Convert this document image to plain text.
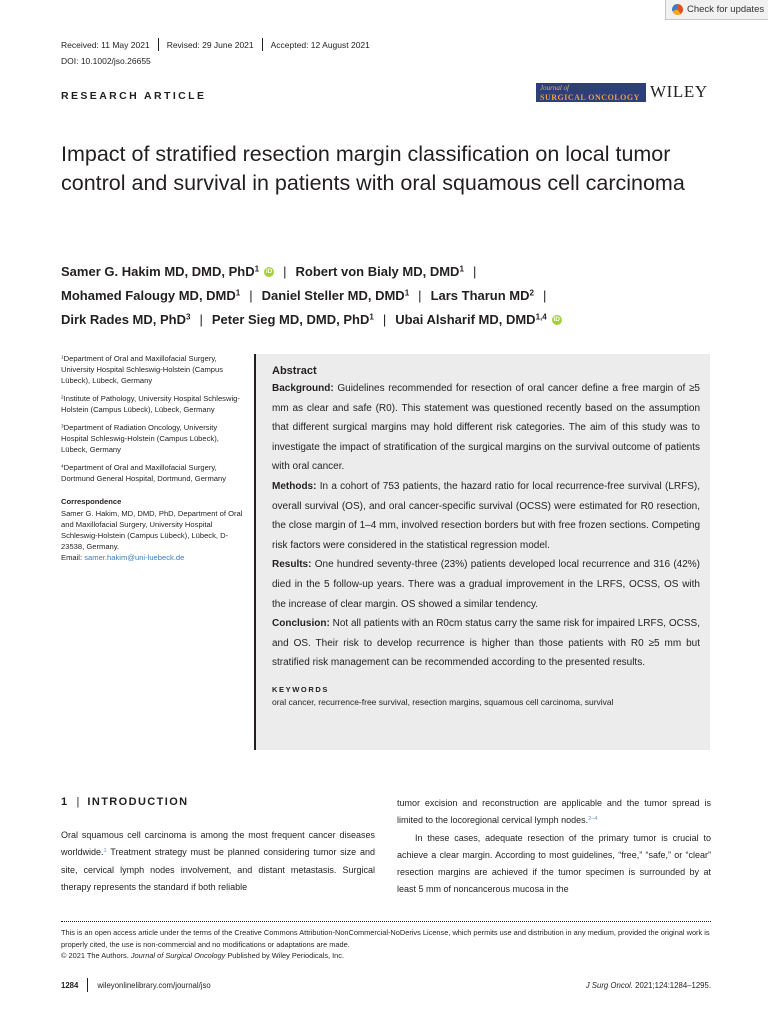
Check for updates
Received: 11 May 2021 Revised: 29 June 2021 Accepted: 12 August 2021
DOI: 10.1002/jso.26655
RESEARCH ARTICLE
Journal of
SURGICAL ONCOLOGY WILEY
Impact of stratified resection margin classification on local tumor control and survival in patients with oral squamous cell carcinoma
Samer G. Hakim MD, DMD, PhD$^1$iD | Robert von Bialy MD, DMD$^1$ |
Mohamed Falougy MD, DMD$^1$ | Daniel Steller MD, DMD$^1$ | Lars Tharun $MD^2$ |
Dirk Rades MD, PhD$^3$ | Peter Sieg MD, DMD, PhD$^1$ | Ubai Alsharif MD, DMD$^{1,4}$iD

$^1$Department of Oral and Maxillofacial Surgery, University Hospital Schleswig-Holstein (Campus Lübeck), Lübeck, Germany

$^2$Institute of Pathology, University Hospital Schleswig-Holstein (Campus Lübeck), Lübeck, Germany

$^3$Department of Radiation Oncology, University Hospital Schleswig-Holstein (Campus Lübeck), Lübeck, Germany

$^4$Department of Oral and Maxillofacial Surgery, Dortmund General Hospital, Dortmund, Germany

Correspondence
Samer G. Hakim, MD, DMD, PhD, Department of Oral and Maxillofacial Surgery, University Hospital Schleswig-Holstein (Campus Lübeck), Lübeck, D-23538, Germany.
Email: samer.hakim@uni-luebeck.de
Abstract
Background: Guidelines recommended for resection of oral cancer define a free margin of ≥5 mm as clear and safe (R0). This statement was questioned recently based on the assumption that different surgical margins may hold different risk categories. The aim of this study was to investigate the impact of stratification of the surgical margins on the survival outcome of patients with oral cancer.
Methods: In a cohort of 753 patients, the hazard ratio for local recurrence-free survival (LRFS), overall survival (OS), and oral cancer-specific survival (OCSS) were estimated for R0 resection, the close margin of 1–4 mm, involved resection borders but with free frozen sections. Competing risk factors were considered in the statistical regression model.
Results: One hundred seventy-three (23%) patients developed local recurrence and 316 (42%) died in the 5 follow-up years. There was a gradual improvement in the LRFS, OCSS, OS with the increase of clear margin. OS showed a similar tendency.
Conclusion: Not all patients with an R0cm status carry the same risk for impaired LRFS, OCSS, and OS. Their risk to develop recurrence is higher than those patients with R0 ≥5 mm but stratified risk management can be recommended according to the presented results.
KEYWORDS
oral cancer, recurrence-free survival, resection margins, squamous cell carcinoma, survival
1 | INTRODUCTION
Oral squamous cell carcinoma is among the most frequent cancer diseases worldwide.$^1$ Treatment strategy must be planned considering tumor size and site, cervical lymph nodes involvement, and distant metastasis. Surgical therapy represents the standard if both reliable
tumor excision and reconstruction are applicable and the tumor spread is limited to the locoregional cervical lymph nodes.$^{2-4}$
In these cases, adequate resection of the primary tumor is crucial to achieve a clear margin. According to most guidelines, “free,” “safe,” or “clear” resection margins are achieved if the tumor specimen is surrounded by at least 5 mm of noncancerous mucosa in the
This is an open access article under the terms of the Creative Commons Attribution-NonCommercial-NoDerivs License, which permits use and distribution in any medium, provided the original work is properly cited, the use is non-commercial and no modifications or adaptations are made.
© 2021 The Authors. Journal of Surgical Oncology Published by Wiley Periodicals, Inc.
1284 wileyonlinelibrary.com/journal/jso	J Surg Oncol. 2021;124:1284–1295.
